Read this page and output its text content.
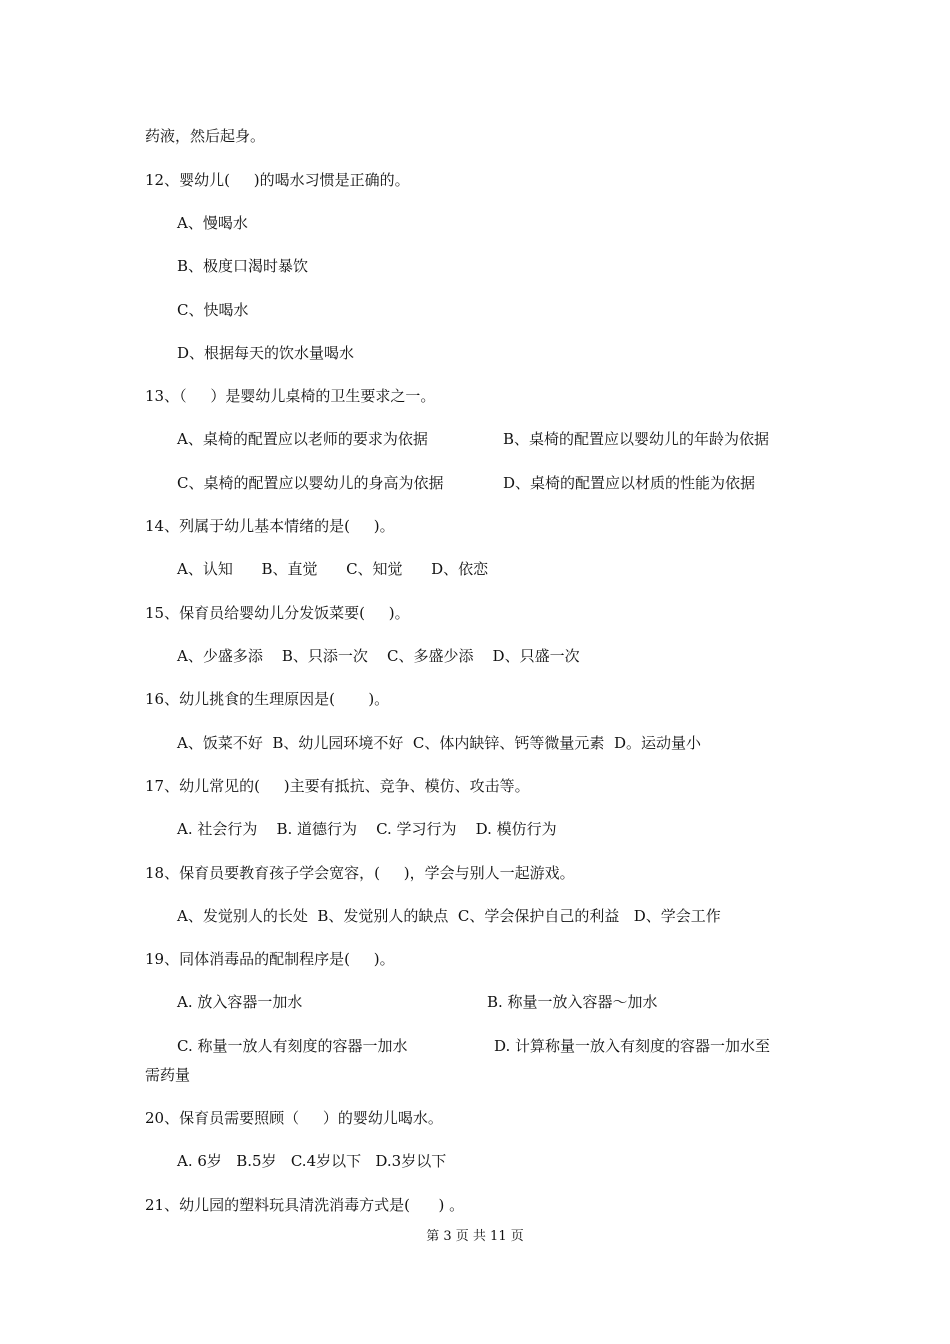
药液，然后起身。
12、婴幼儿(     )的喝水习惯是正确的。
A、慢喝水
B、极度口渴时暴饮
C、快喝水
D、根据每天的饮水量喝水
13、（     ）是婴幼儿桌椅的卫生要求之一。
A、桌椅的配置应以老师的要求为依据	B、桌椅的配置应以婴幼儿的年龄为依据
C、桌椅的配置应以婴幼儿的身高为依据	D、桌椅的配置应以材质的性能为依据
14、列属于幼儿基本情绪的是(     )。
A、认知      B、直觉      C、知觉      D、依恋
15、保育员给婴幼儿分发饭菜要(     )。
A、少盛多添    B、只添一次    C、多盛少添    D、只盛一次
16、幼儿挑食的生理原因是(       )。
A、饭菜不好  B、幼儿园环境不好  C、体内缺锌、钙等微量元素  D。运动量小
17、幼儿常见的(     )主要有抵抗、竞争、模仿、攻击等。
A. 社会行为    B. 道德行为    C. 学习行为    D. 模仿行为
18、保育员要教育孩子学会宽容，(     )，学会与别人一起游戏。
A、发觉别人的长处  B、发觉别人的缺点  C、学会保护自己的利益   D、学会工作
19、同体消毒品的配制程序是(     )。
A. 放入容器一加水	B. 称量一放入容器～加水
C. 称量一放人有刻度的容器一加水	D. 计算称量一放入有刻度的容器一加水至
需药量
20、保育员需要照顾（     ）的婴幼儿喝水。
A. 6岁   B.5岁   C.4岁以下   D.3岁以下
21、幼儿园的塑料玩具清洗消毒方式是(      ) 。
第 3 页 共 11 页
